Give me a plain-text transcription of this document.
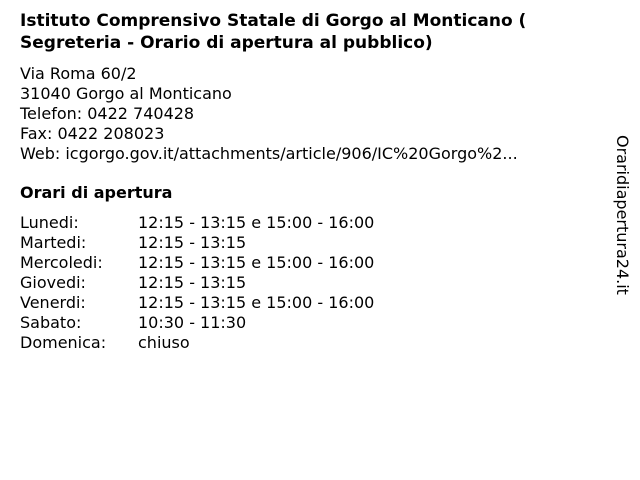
Istituto Comprensivo Statale di Gorgo al Monticano ( Segreteria - Orario di apertura al pubblico)
Via Roma 60/2
31040 Gorgo al Monticano
Telefon: 0422 740428
Fax: 0422 208023
Web: icgorgo.gov.it/attachments/article/906/IC%20Gorgo%2...
Orari di apertura
Lunedi:	12:15 - 13:15 e 15:00 - 16:00
Martedi:	12:15 - 13:15
Mercoledi:	12:15 - 13:15 e 15:00 - 16:00
Giovedi:	12:15 - 13:15
Venerdi:	12:15 - 13:15 e 15:00 - 16:00
Sabato:	10:30 - 11:30
Domenica:	chiuso
Oraridiapertura24.it
